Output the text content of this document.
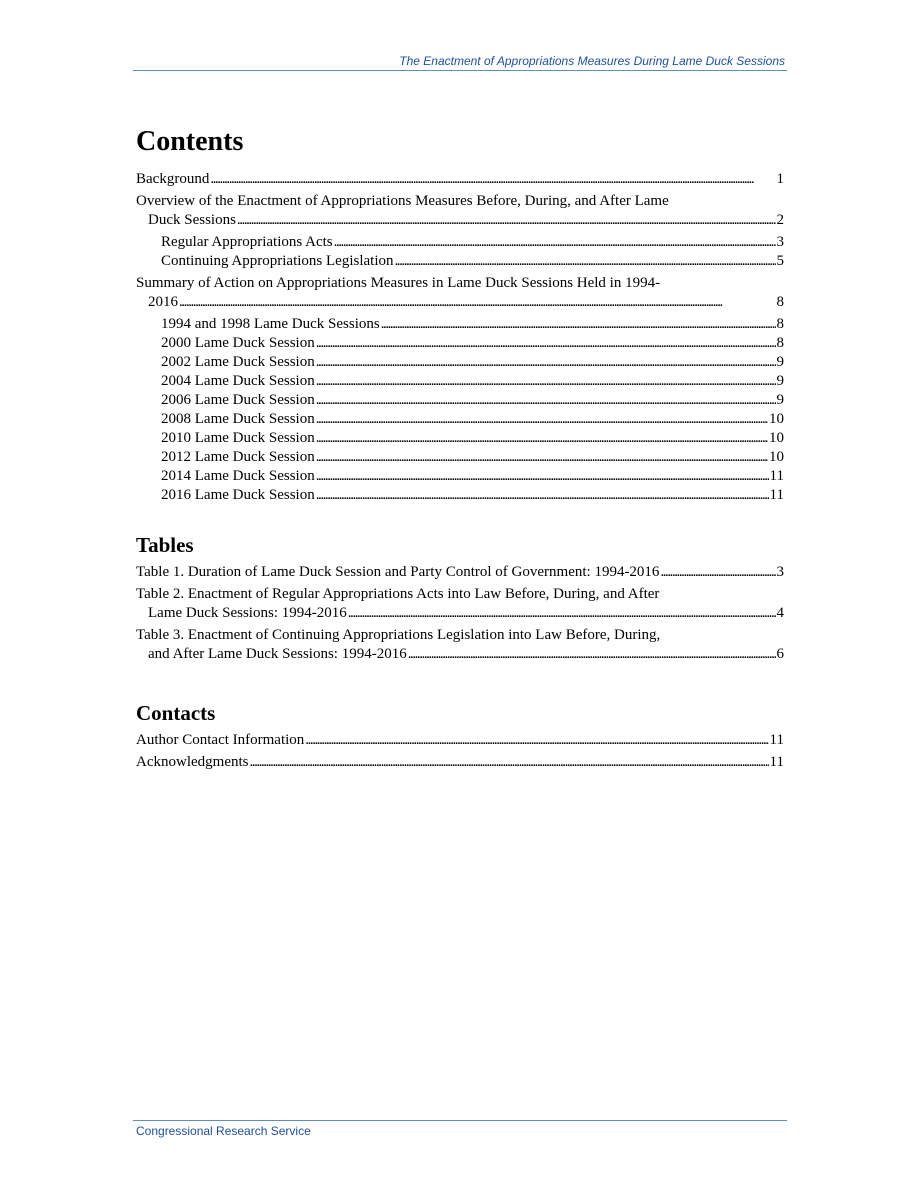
The Enactment of Appropriations Measures During Lame Duck Sessions
Contents
Background . . .	1
Overview of the Enactment of Appropriations Measures Before, During, and After Lame
Duck Sessions . . .	2
Regular Appropriations Acts . . .	3
Continuing Appropriations Legislation . . .	5
Summary of Action on Appropriations Measures in Lame Duck Sessions Held in 1994-
2016 . . .	8
1994 and 1998 Lame Duck Sessions . . .	8
2000 Lame Duck Session . . .	8
2002 Lame Duck Session . . .	9
2004 Lame Duck Session . . .	9
2006 Lame Duck Session . . .	9
2008 Lame Duck Session . . .	10
2010 Lame Duck Session . . .	10
2012 Lame Duck Session . . .	10
2014 Lame Duck Session . . .	11
2016 Lame Duck Session . . .	11
Tables
Table 1. Duration of Lame Duck Session and Party Control of Government: 1994-2016 . . .	3
Table 2. Enactment of Regular Appropriations Acts into Law Before, During, and After
Lame Duck Sessions: 1994-2016 . . .	4
Table 3. Enactment of Continuing Appropriations Legislation into Law Before, During,
and After Lame Duck Sessions: 1994-2016 . . .	6
Contacts
Author Contact Information . . .	11
Acknowledgments . . .	11
Congressional Research Service
